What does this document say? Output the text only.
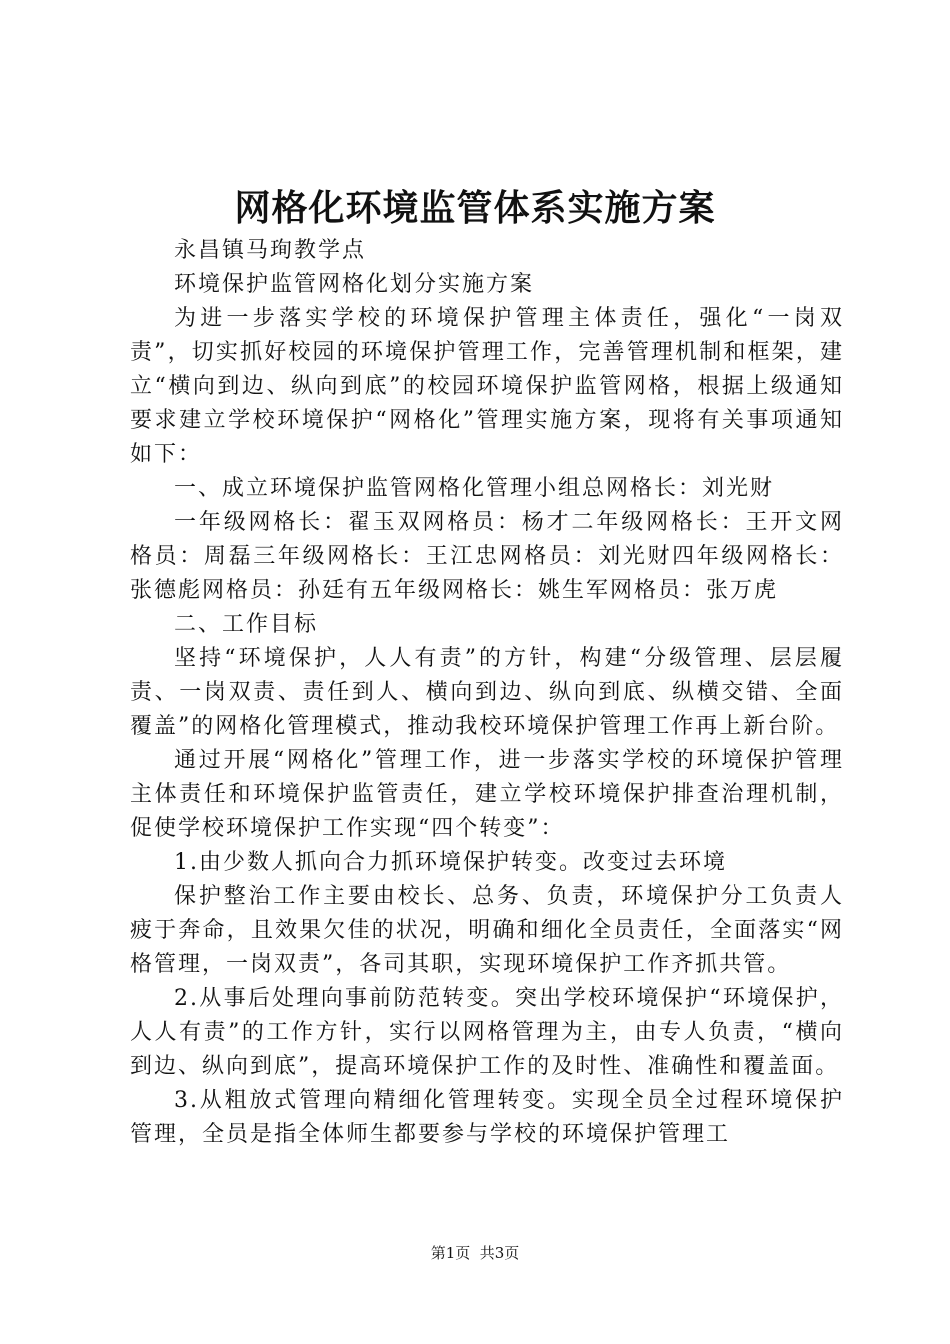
网格化环境监管体系实施方案

永昌镇马珣教学点

环境保护监管网格化划分实施方案

为进一步落实学校的环境保护管理主体责任，强化“一岗双责”，切实抓好校园的环境保护管理工作，完善管理机制和框架，建立“横向到边、纵向到底”的校园环境保护监管网格，根据上级通知要求建立学校环境保护“网格化”管理实施方案，现将有关事项通知如下：

一、成立环境保护监管网格化管理小组总网格长：刘光财

一年级网格长：翟玉双网格员：杨才二年级网格长：王开文网格员：周磊三年级网格长：王江忠网格员：刘光财四年级网格长：张德彪网格员：孙廷有五年级网格长：姚生军网格员：张万虎

二、工作目标

坚持“环境保护，人人有责”的方针，构建“分级管理、层层履责、一岗双责、责任到人、横向到边、纵向到底、纵横交错、全面覆盖”的网格化管理模式，推动我校环境保护管理工作再上新台阶。

通过开展“网格化”管理工作，进一步落实学校的环境保护管理主体责任和环境保护监管责任，建立学校环境保护排查治理机制，促使学校环境保护工作实现“四个转变”：

1.由少数人抓向合力抓环境保护转变。改变过去环境

保护整治工作主要由校长、总务、负责，环境保护分工负责人疲于奔命，且效果欠佳的状况，明确和细化全员责任，全面落实“网格管理，一岗双责”，各司其职，实现环境保护工作齐抓共管。

2.从事后处理向事前防范转变。突出学校环境保护“环境保护，人人有责”的工作方针，实行以网格管理为主，由专人负责，“横向到边、纵向到底”，提高环境保护工作的及时性、准确性和覆盖面。

3.从粗放式管理向精细化管理转变。实现全员全过程环境保护管理，全员是指全体师生都要参与学校的环境保护管理工

第1页  共3页
